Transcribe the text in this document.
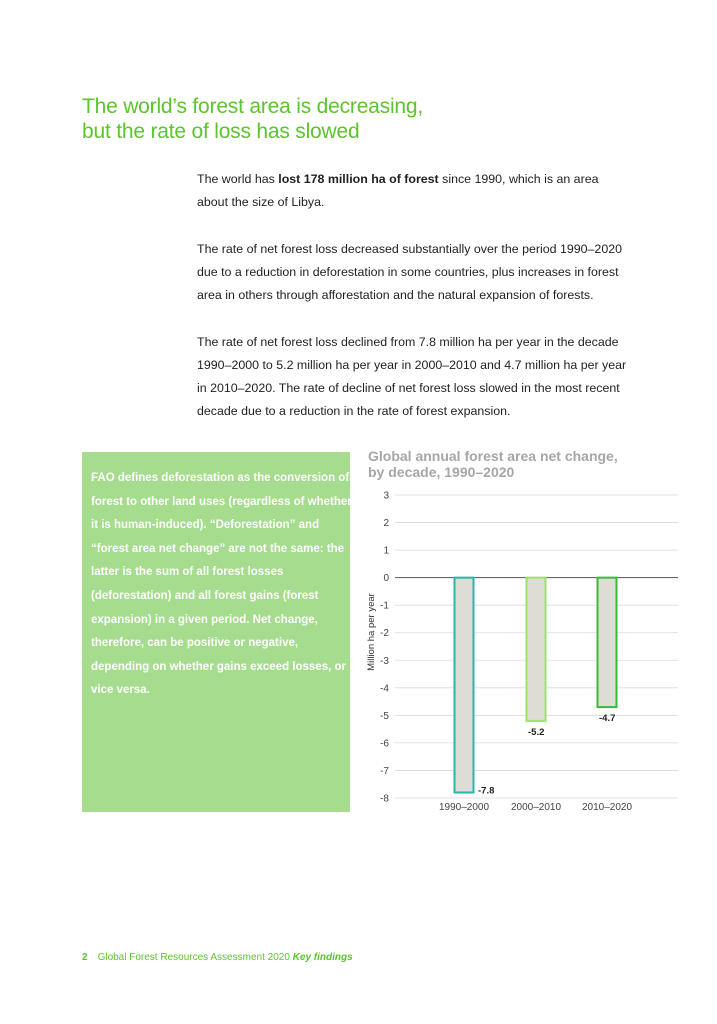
The world’s forest area is decreasing,
but the rate of loss has slowed

The world has lost 178 million ha of forest since 1990, which is an area about the size of Libya.

The rate of net forest loss decreased substantially over the period 1990–2020 due to a reduction in deforestation in some countries, plus increases in forest area in others through afforestation and the natural expansion of forests.

The rate of net forest loss declined from 7.8 million ha per year in the decade 1990–2000 to 5.2 million ha per year in 2000–2010 and 4.7 million ha per year in 2010–2020. The rate of decline of net forest loss slowed in the most recent decade due to a reduction in the rate of forest expansion.

FAO defines deforestation as the conversion of forest to other land uses (regardless of whether it is human-induced). “Deforestation” and “forest area net change” are not the same: the latter is the sum of all forest losses (deforestation) and all forest gains (forest expansion) in a given period. Net change, therefore, can be positive or negative, depending on whether gains exceed losses, or vice versa.

Global annual forest area net change,
by decade, 1990–2020
Million ha per year
3
2
1
0
-1
-2
-3
-4
-5
-6
-7
-8
-7.8
1990–2000
-5.2
2000–2010
-4.7
2010–2020
2 Global Forest Resources Assessment 2020 Key findings
